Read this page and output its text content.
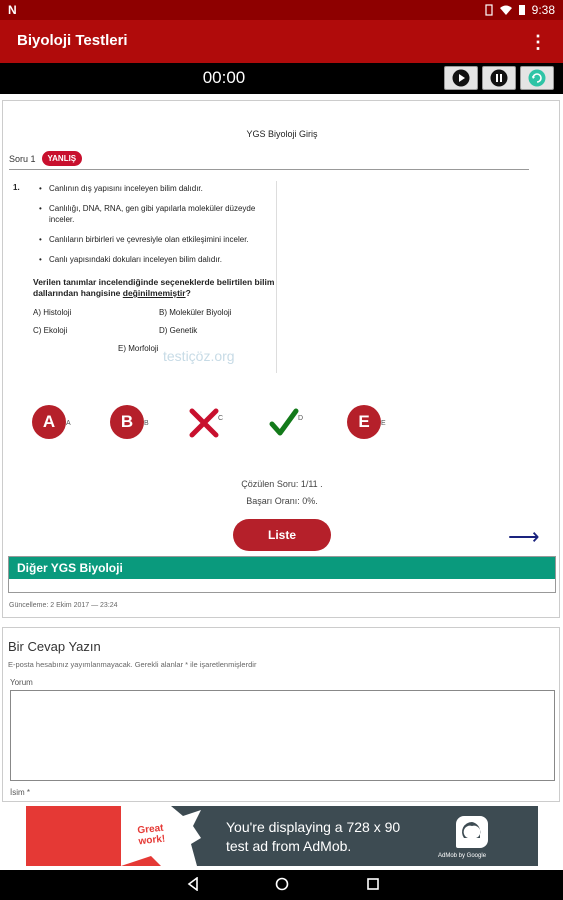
N	9:38
Biyoloji Testleri	⋮
00:00
YGS Biyoloji Giriş
Soru 1	YANLIŞ
1.
•	Canlının dış yapısını inceleyen bilim dalıdır.
• Canlılığı, DNA, RNA, gen gibi yapılarla moleküler düzeyde inceler.
• Canlıların birbirleri ve çevresiyle olan etkileşimini inceler.
• Canlı yapısındaki dokuları inceleyen bilim dalıdır.
Verilen tanımlar incelendiğinde seçeneklerde belirtilen bilim dallarından hangisine değinilmemiştir?
A) Histoloji	B) Moleküler Biyoloji
C) Ekoloji	D) Genetik
E) Morfoloji testiçöz.org
A	A	B	B
C	D	E	E
Çözülen Soru: 1/11 .
Başarı Oranı: 0%.
Liste	⟶
Diğer YGS Biyoloji
Güncelleme: 2 Ekim 2017 — 23:24
Bir Cevap Yazın
E-posta hesabınız yayımlanmayacak. Gerekli alanlar * ile işaretlenmişlerdir
Yorum
İsim *
Great
work!
You're displaying a 728 x 90
test ad from AdMob.
AdMob by Google
